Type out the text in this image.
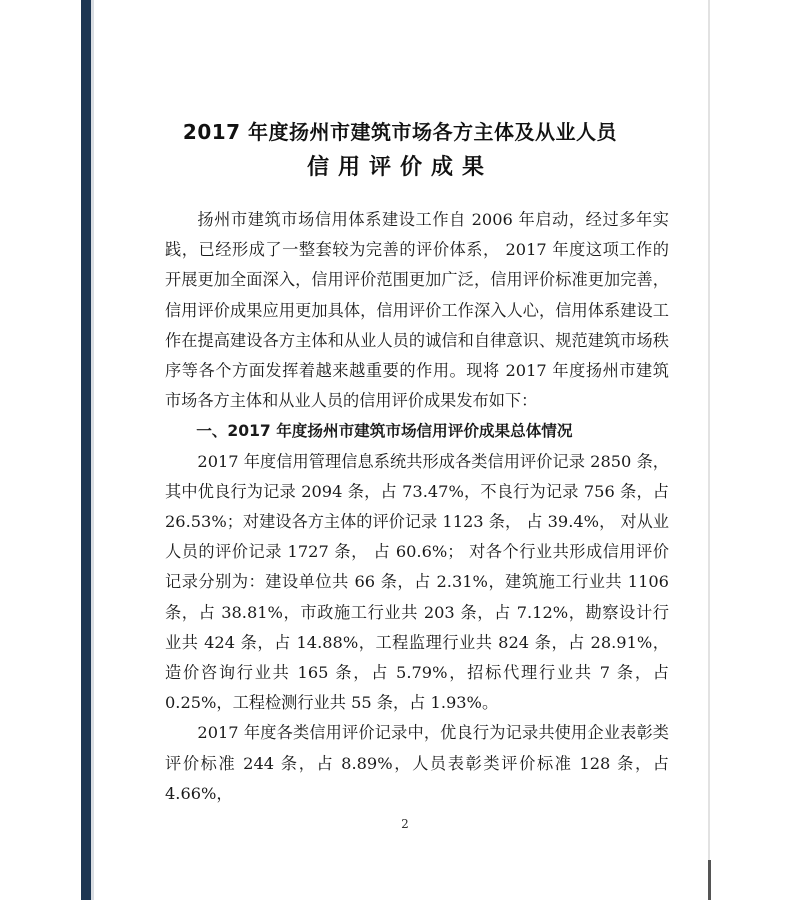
2017 年度扬州市建筑市场各方主体及从业人员
信用评价成果

扬州市建筑市场信用体系建设工作自 2006 年启动，经过多年实践，已经形成了一整套较为完善的评价体系， 2017 年度这项工作的开展更加全面深入，信用评价范围更加广泛，信用评价标准更加完善，信用评价成果应用更加具体，信用评价工作深入人心，信用体系建设工作在提高建设各方主体和从业人员的诚信和自律意识、规范建筑市场秩序等各个方面发挥着越来越重要的作用。现将 2017 年度扬州市建筑市场各方主体和从业人员的信用评价成果发布如下：

一、2017 年度扬州市建筑市场信用评价成果总体情况

2017 年度信用管理信息系统共形成各类信用评价记录 2850 条，其中优良行为记录 2094 条，占 73.47%，不良行为记录 756 条，占 26.53%；对建设各方主体的评价记录 1123 条， 占 39.4%， 对从业人员的评价记录 1727 条， 占 60.6%； 对各个行业共形成信用评价记录分别为：建设单位共 66 条，占 2.31%，建筑施工行业共 1106 条，占 38.81%，市政施工行业共 203 条，占 7.12%，勘察设计行业共 424 条，占 14.88%，工程监理行业共 824 条，占 28.91%，造价咨询行业共 165 条，占 5.79%，招标代理行业共 7 条，占 0.25%，工程检测行业共 55 条，占 1.93%。

2017 年度各类信用评价记录中，优良行为记录共使用企业表彰类评价标准 244 条，占 8.89%，人员表彰类评价标准 128 条，占 4.66%，

2
